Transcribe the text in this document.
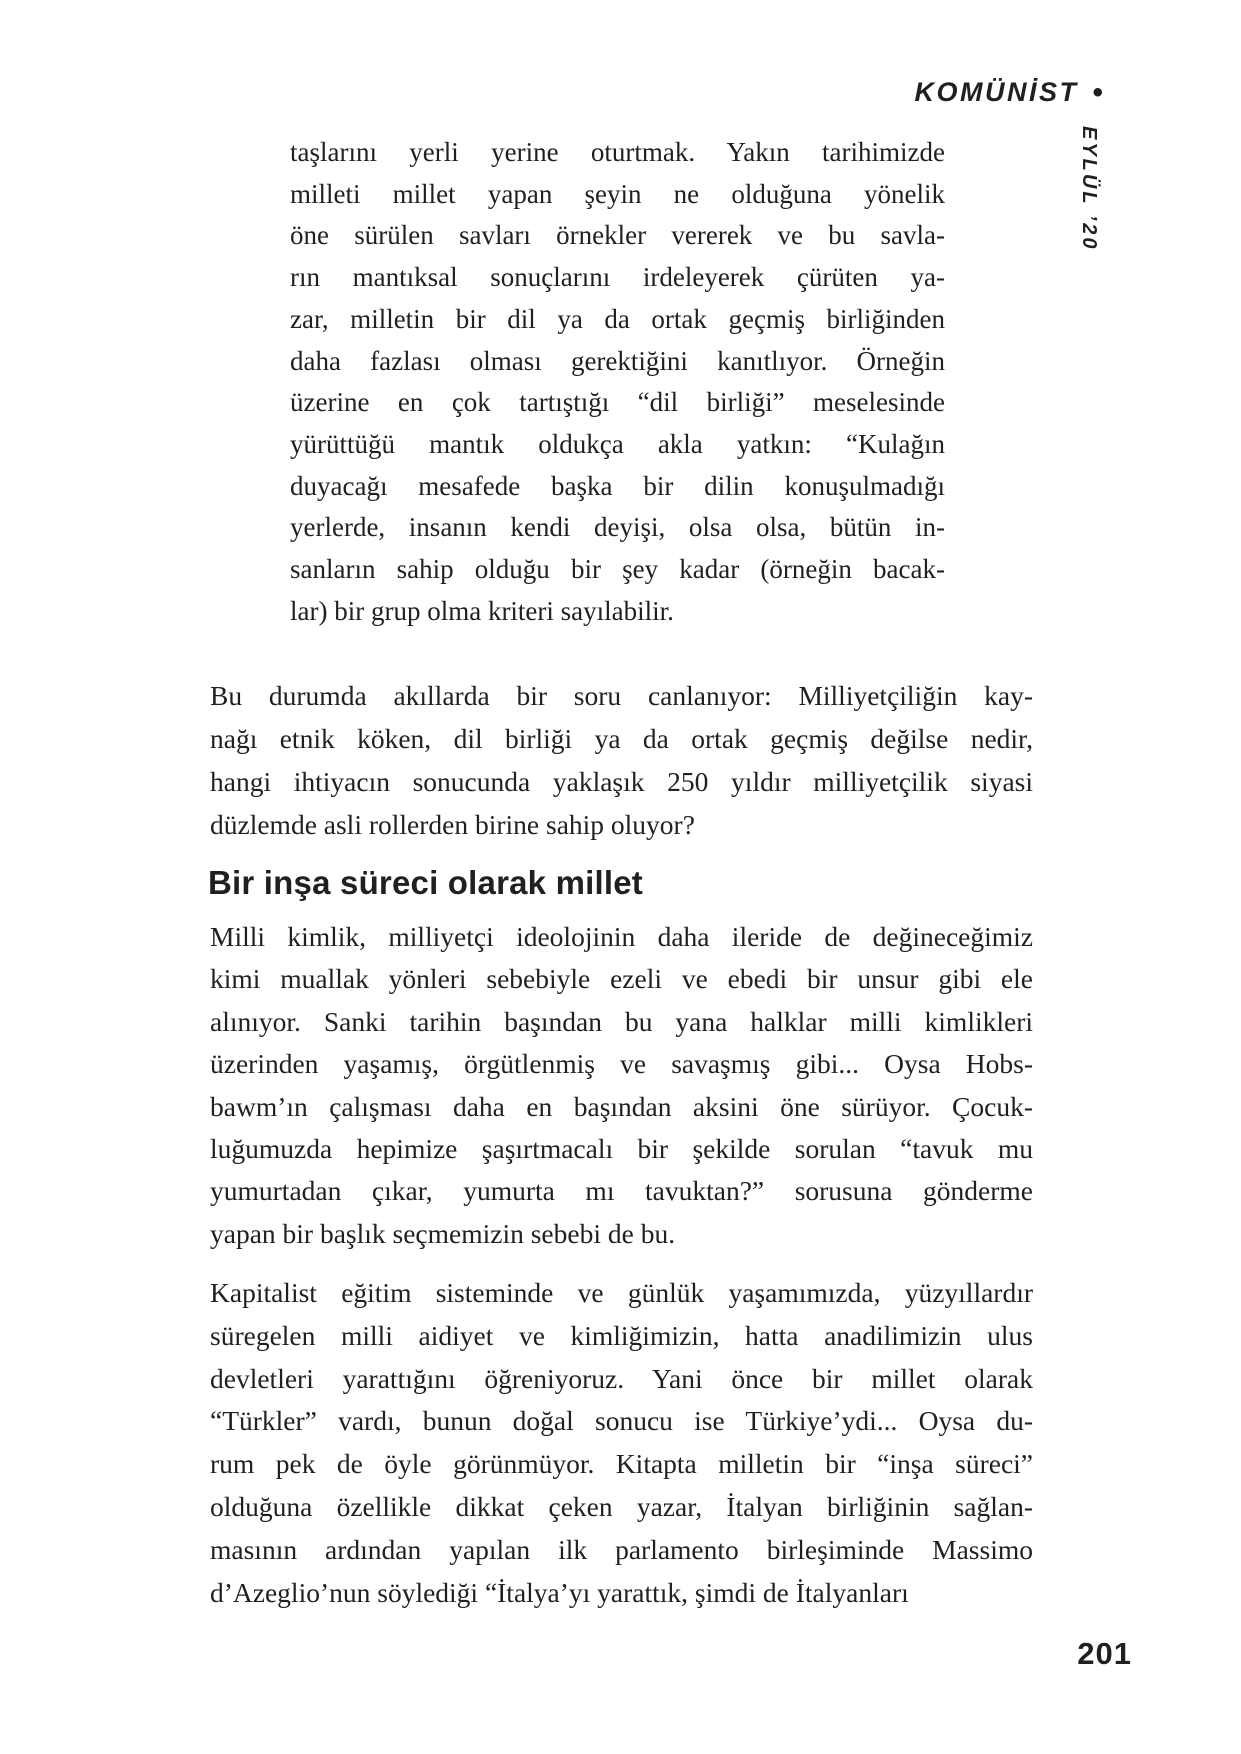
KOMÜNİST •
EYLÜL ’20
taşlarını yerli yerine oturtmak. Yakın tarihimizde
milleti millet yapan şeyin ne olduğuna yönelik
öne sürülen savları örnekler vererek ve bu savla-
rın mantıksal sonuçlarını irdeleyerek çürüten ya-
zar, milletin bir dil ya da ortak geçmiş birliğinden
daha fazlası olması gerektiğini kanıtlıyor. Örneğin
üzerine en çok tartıştığı “dil birliği” meselesinde
yürüttüğü mantık oldukça akla yatkın: “Kulağın
duyacağı mesafede başka bir dilin konuşulmadığı
yerlerde, insanın kendi deyişi, olsa olsa, bütün in-
sanların sahip olduğu bir şey kadar (örneğin bacak-
lar) bir grup olma kriteri sayılabilir.
Bu durumda akıllarda bir soru canlanıyor: Milliyetçiliğin kay-
nağı etnik köken, dil birliği ya da ortak geçmiş değilse nedir,
hangi ihtiyacın sonucunda yaklaşık 250 yıldır milliyetçilik siyasi
düzlemde asli rollerden birine sahip oluyor?
Bir inşa süreci olarak millet
Milli kimlik, milliyetçi ideolojinin daha ileride de değineceğimiz
kimi muallak yönleri sebebiyle ezeli ve ebedi bir unsur gibi ele
alınıyor. Sanki tarihin başından bu yana halklar milli kimlikleri
üzerinden yaşamış, örgütlenmiş ve savaşmış gibi... Oysa Hobs-
bawm’ın çalışması daha en başından aksini öne sürüyor. Çocuk-
luğumuzda hepimize şaşırtmacalı bir şekilde sorulan “tavuk mu
yumurtadan çıkar, yumurta mı tavuktan?” sorusuna gönderme
yapan bir başlık seçmemizin sebebi de bu.
Kapitalist eğitim sisteminde ve günlük yaşamımızda, yüzyıllardır
süregelen milli aidiyet ve kimliğimizin, hatta anadilimizin ulus
devletleri yarattığını öğreniyoruz. Yani önce bir millet olarak
“Türkler” vardı, bunun doğal sonucu ise Türkiye’ydi... Oysa du-
rum pek de öyle görünmüyor. Kitapta milletin bir “inşa süreci”
olduğuna özellikle dikkat çeken yazar, İtalyan birliğinin sağlan-
masının ardından yapılan ilk parlamento birleşiminde Massimo
d’Azeglio’nun söylediği “İtalya’yı yarattık, şimdi de İtalyanları
201
